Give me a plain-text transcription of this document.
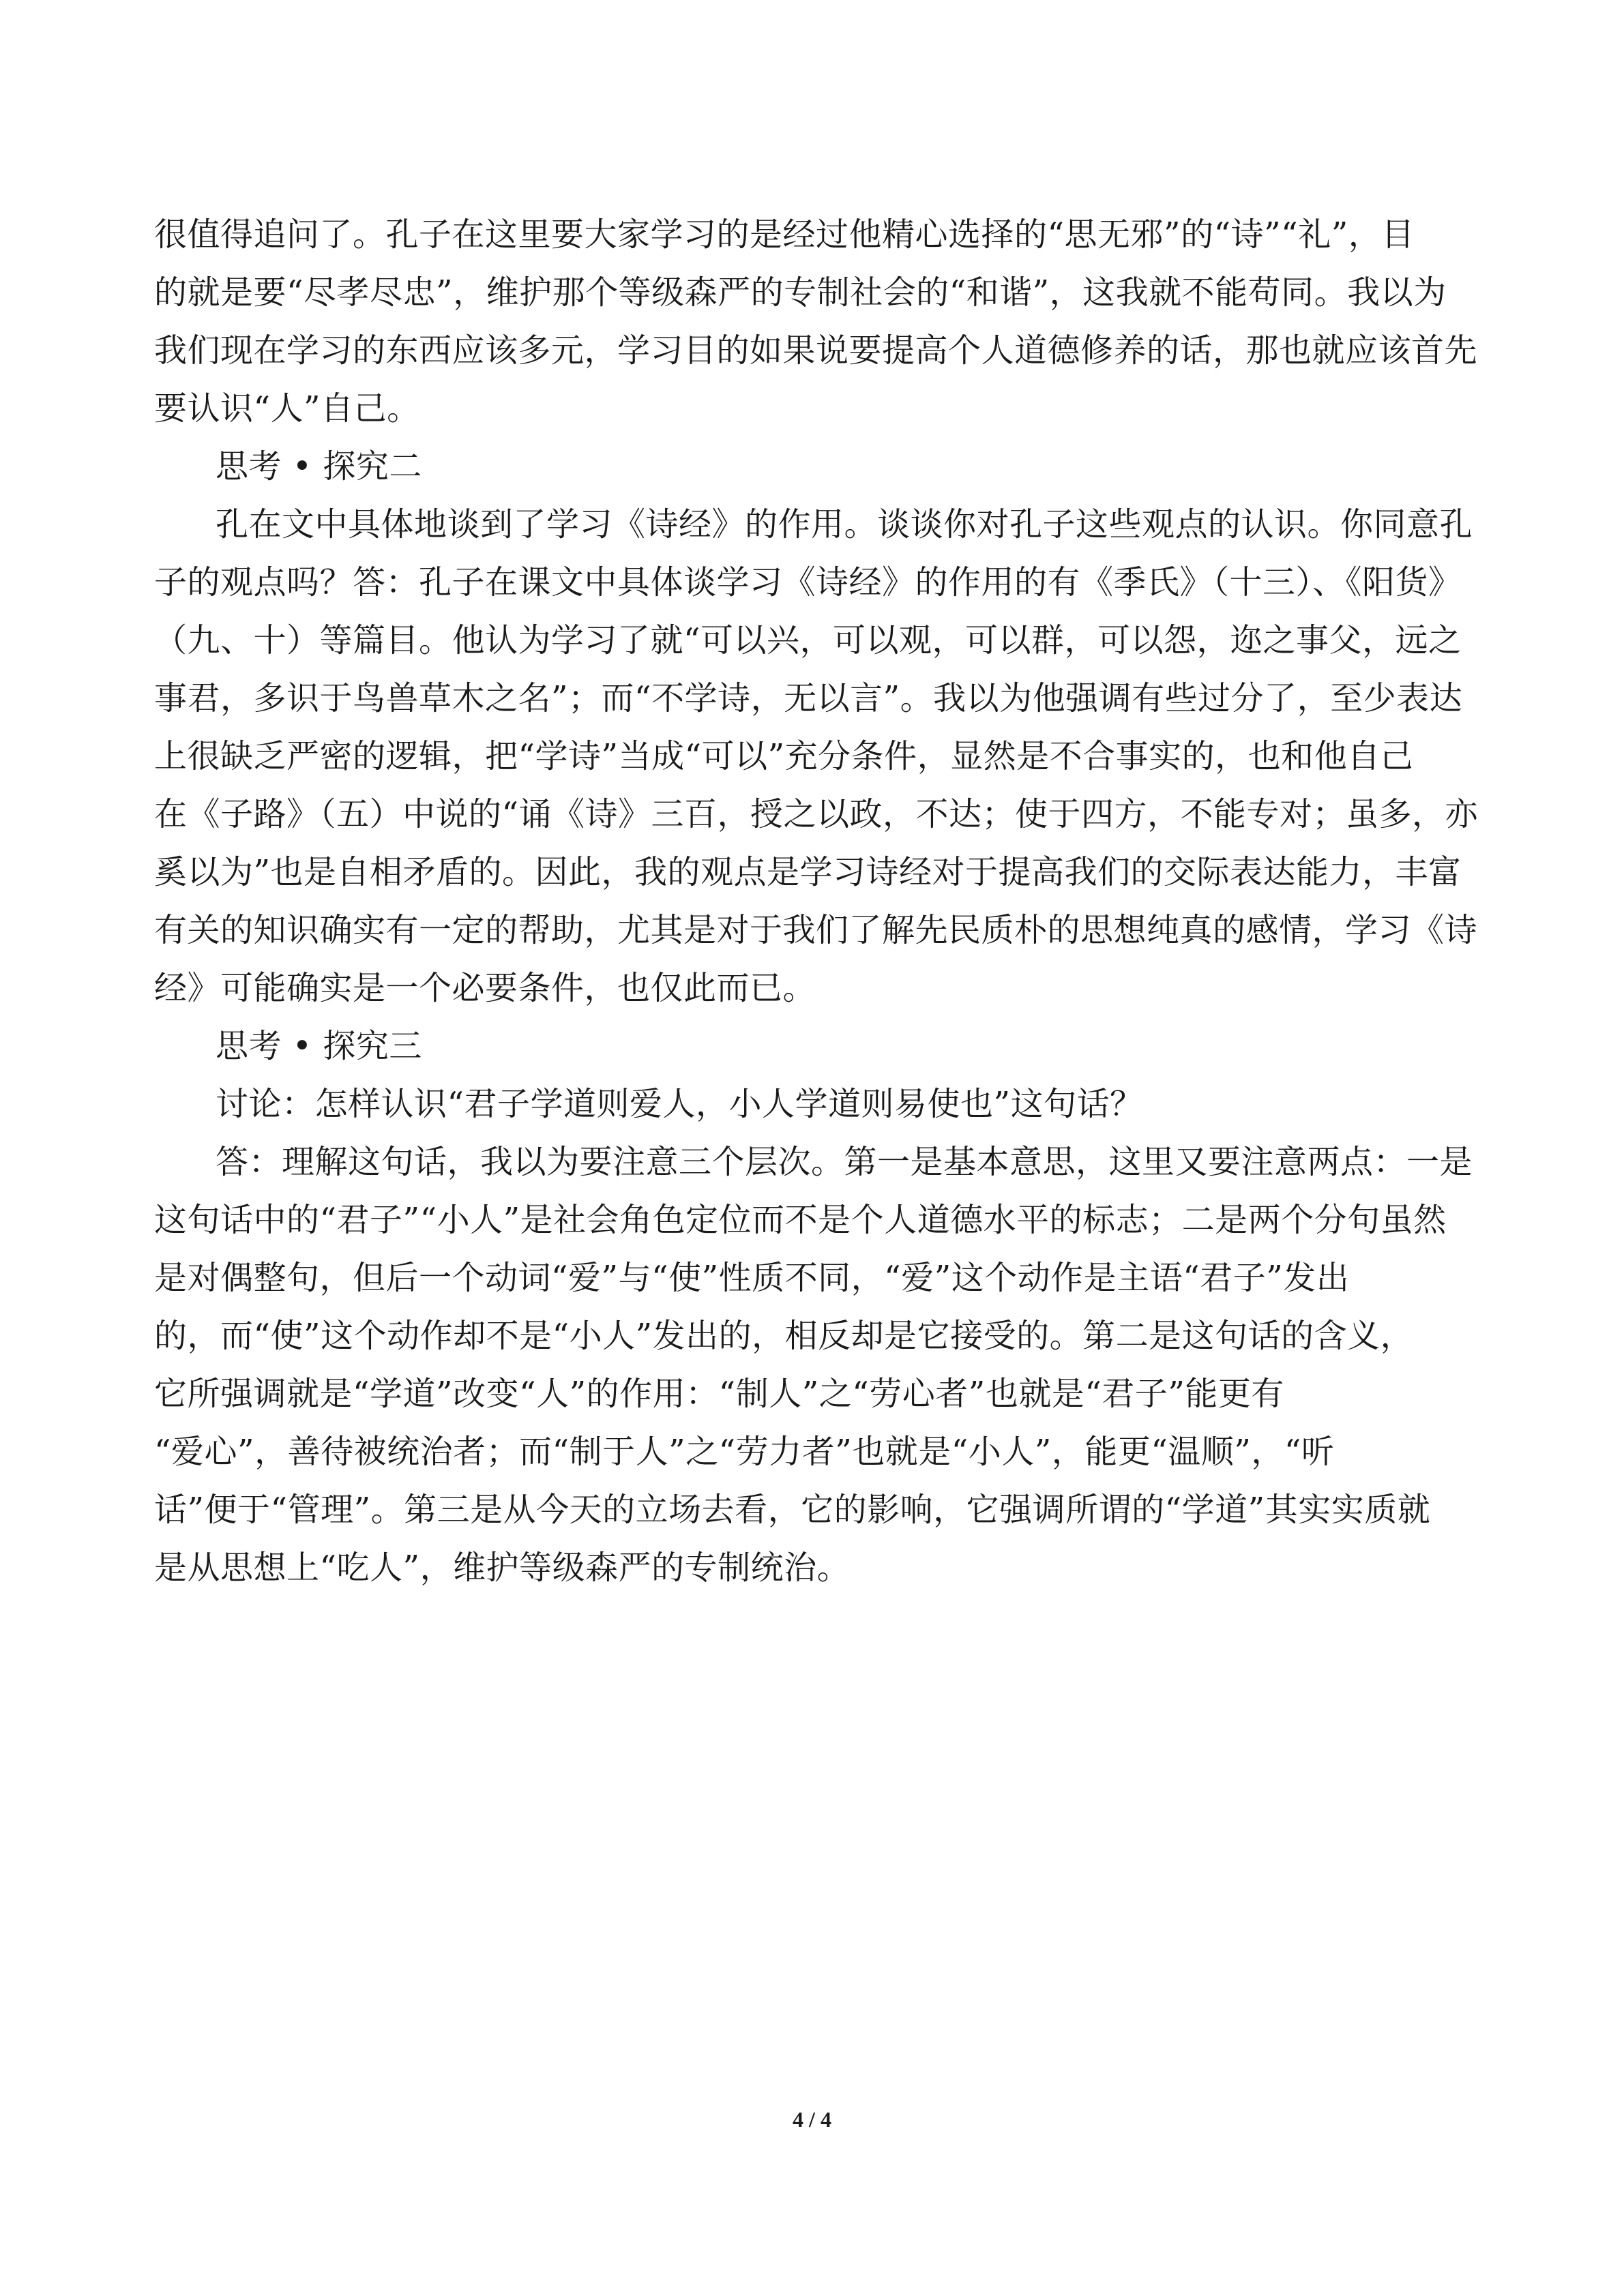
很值得追问了。孔子在这里要大家学习的是经过他精心选择的“思无邪”的“诗”“礼”，目
的就是要“尽孝尽忠”，维护那个等级森严的专制社会的“和谐”，这我就不能苟同。我以为
我们现在学习的东西应该多元，学习目的如果说要提高个人道德修养的话，那也就应该首先
要认识“人”自己。
思考 • 探究二
孔在文中具体地谈到了学习《诗经》的作用。谈谈你对孔子这些观点的认识。你同意孔
子的观点吗？答：孔子在课文中具体谈学习《诗经》的作用的有《季氏》（十三）、《阳货》
（九、十）等篇目。他认为学习了就“可以兴，可以观，可以群，可以怨，迩之事父，远之
事君，多识于鸟兽草木之名”；而“不学诗，无以言”。我以为他强调有些过分了，至少表达
上很缺乏严密的逻辑，把“学诗”当成“可以”充分条件，显然是不合事实的，也和他自己
在《子路》（五）中说的“诵《诗》三百，授之以政，不达；使于四方，不能专对；虽多，亦
奚以为”也是自相矛盾的。因此，我的观点是学习诗经对于提高我们的交际表达能力，丰富
有关的知识确实有一定的帮助，尤其是对于我们了解先民质朴的思想纯真的感情，学习《诗
经》可能确实是一个必要条件，也仅此而已。
思考 • 探究三
讨论：怎样认识“君子学道则爱人，小人学道则易使也”这句话？
答：理解这句话，我以为要注意三个层次。第一是基本意思，这里又要注意两点：一是
这句话中的“君子”“小人”是社会角色定位而不是个人道德水平的标志；二是两个分句虽然
是对偶整句，但后一个动词“爱”与“使”性质不同，“爱”这个动作是主语“君子”发出
的，而“使”这个动作却不是“小人”发出的，相反却是它接受的。第二是这句话的含义，
它所强调就是“学道”改变“人”的作用：“制人”之“劳心者”也就是“君子”能更有
“爱心”，善待被统治者；而“制于人”之“劳力者”也就是“小人”，能更“温顺”，“听
话”便于“管理”。第三是从今天的立场去看，它的影响，它强调所谓的“学道”其实实质就
是从思想上“吃人”，维护等级森严的专制统治。
4 / 4
